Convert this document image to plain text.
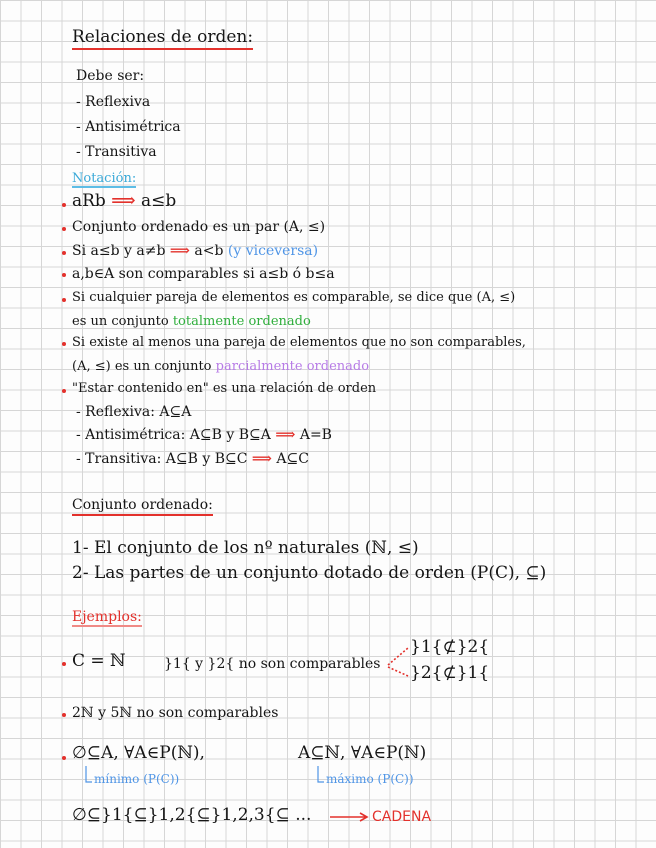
Relaciones de orden:
Debe ser:
- Reflexiva
- Antisimétrica
- Transitiva
Notación:
aRb ⟹ a≤b
Conjunto ordenado es un par (A, ≤)
Si a≤b y a≠b ⟹ a<b (y viceversa)
a,b∈A son comparables si a≤b ó b≤a
Si cualquier pareja de elementos es comparable, se dice que (A, ≤)
es un conjunto totalmente ordenado
Si existe al menos una pareja de elementos que no son comparables,
(A, ≤) es un conjunto parcialmente ordenado
"Estar contenido en" es una relación de orden
- Reflexiva: A⊆A
- Antisimétrica: A⊆B y B⊆A ⟹ A=B
- Transitiva: A⊆B y B⊆C ⟹ A⊆C
Conjunto ordenado:
1- El conjunto de los nº naturales (ℕ, ≤)
2- Las partes de un conjunto dotado de orden (P(C), ⊆)
Ejemplos:
C = ℕ	}1{ y }2{ no son comparables
}1{⊄}2{
}2{⊄}1{
2ℕ y 5ℕ no son comparables
∅⊆A, ∀A∈P(ℕ),	A⊆ℕ, ∀A∈P(ℕ)
mínimo (P(C))	máximo (P(C))
∅⊆}1{⊆}1,2{⊆}1,2,3{⊆ ...	CADENA
